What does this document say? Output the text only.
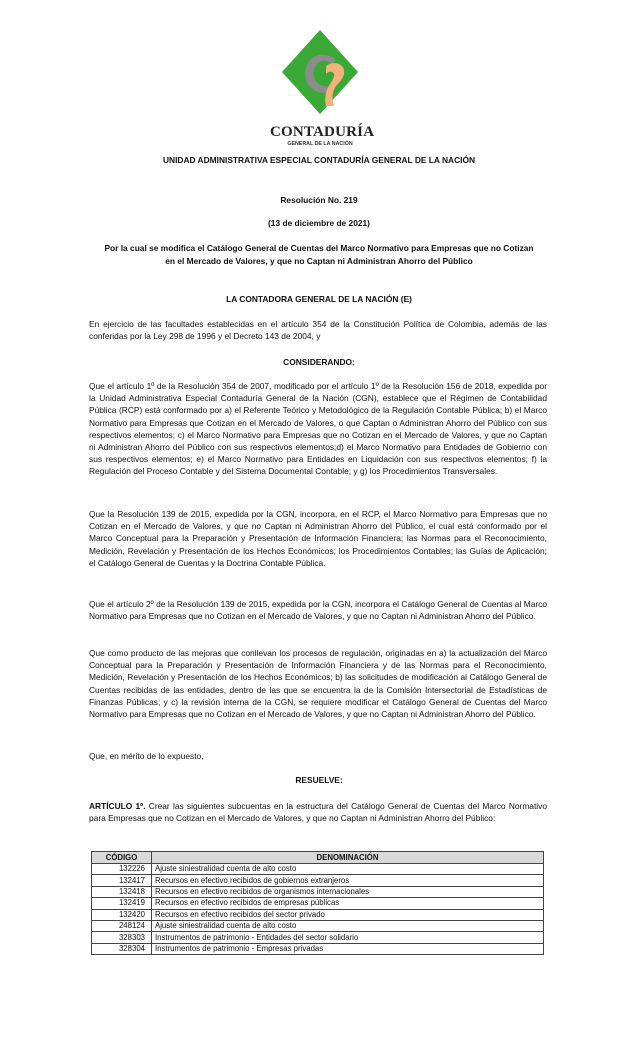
CONTADURÍA
GENERAL DE LA NACIÓN
UNIDAD ADMINISTRATIVA ESPECIAL CONTADURÍA GENERAL DE LA NACIÓN
Resolución No. 219
(13 de diciembre de 2021)
Por la cual se modifica el Catálogo General de Cuentas del Marco Normativo para Empresas que no Cotizan
en el Mercado de Valores, y que no Captan ni Administran Ahorro del Público
LA CONTADORA GENERAL DE LA NACIÓN (E)

En ejercicio de las facultades establecidas en el artículo 354 de la Constitución Política de Colombia, además de las conferidas por la Ley 298 de 1996 y el Decreto 143 de 2004, y

CONSIDERANDO:

Que el artículo 1º de la Resolución 354 de 2007, modificado por el artículo 1º de la Resolución 156 de 2018, expedida por la Unidad Administrativa Especial Contaduría General de la Nación (CGN), establece que el Régimen de Contabilidad Pública (RCP) está conformado por a) el Referente Teórico y Metodológico de la Regulación Contable Pública; b) el Marco Normativo para Empresas que Cotizan en el Mercado de Valores, o que Captan o Administran Ahorro del Público con sus respectivos elementos; c) el Marco Normativo para Empresas que no Cotizan en el Mercado de Valores, y que no Captan ni Administran Ahorro del Público con sus respectivos elementos;d) el Marco Normativo para Entidades de Gobierno con sus respectivos elementos; e) el Marco Normativo para Entidades en Liquidación con sus respectivos elementos; f) la Regulación del Proceso Contable y del Sistema Documental Contable; y g) los Procedimientos Transversales.

Que la Resolución 139 de 2015, expedida por la CGN, incorpora, en el RCP, el Marco Normativo para Empresas que no Cotizan en el Mercado de Valores, y que no Captan ni Administran Ahorro del Público, el cual está conformado por el Marco Conceptual para la Preparación y Presentación de Información Financiera; las Normas para el Reconocimiento, Medición, Revelación y Presentación de los Hechos Económicos; los Procedimientos Contables; las Guías de Aplicación; el Catálogo General de Cuentas y la Doctrina Contable Pública.

Que el artículo 2º de la Resolución 139 de 2015, expedida por la CGN, incorpora el Catálogo General de Cuentas al Marco Normativo para Empresas que no Cotizan en el Mercado de Valores, y que no Captan ni Administran Ahorro del Público.

Que como producto de las mejoras que conllevan los procesos de regulación, originadas en a) la actualización del Marco Conceptual para la Preparación y Presentación de Información Financiera y de las Normas para el Reconocimiento, Medición, Revelación y Presentación de los Hechos Económicos; b) las solicitudes de modificación al Catálogo General de Cuentas recibidas de las entidades, dentro de las que se encuentra la de la Comisión Intersectorial de Estadísticas de Finanzas Públicas; y c) la revisión interna de la CGN, se requiere modificar el Catálogo General de Cuentas del Marco Normativo para Empresas que no Cotizan en el Mercado de Valores, y que no Captan ni Administran Ahorro del Público.

Que, en mérito de lo expuesto,

RESUELVE:

ARTÍCULO 1º. Crear las siguientes subcuentas en la estructura del Catálogo General de Cuentas del Marco Normativo para Empresas que no Cotizan en el Mercado de Valores, y que no Captan ni Administran Ahorro del Público:

CÓDIGO	DENOMINACIÓN
132226	Ajuste siniestralidad cuenta de alto costo
132417	Recursos en efectivo recibidos de gobiernos extranjeros
132418	Recursos en efectivo recibidos de organismos internacionales
132419	Recursos en efectivo recibidos de empresas públicas
132420	Recursos en efectivo recibidos del sector privado
248124	Ajuste siniestralidad cuenta de alto costo
328303	Instrumentos de patrimonio - Entidades del sector solidario
328304	Instrumentos de patrimonio - Empresas privadas
